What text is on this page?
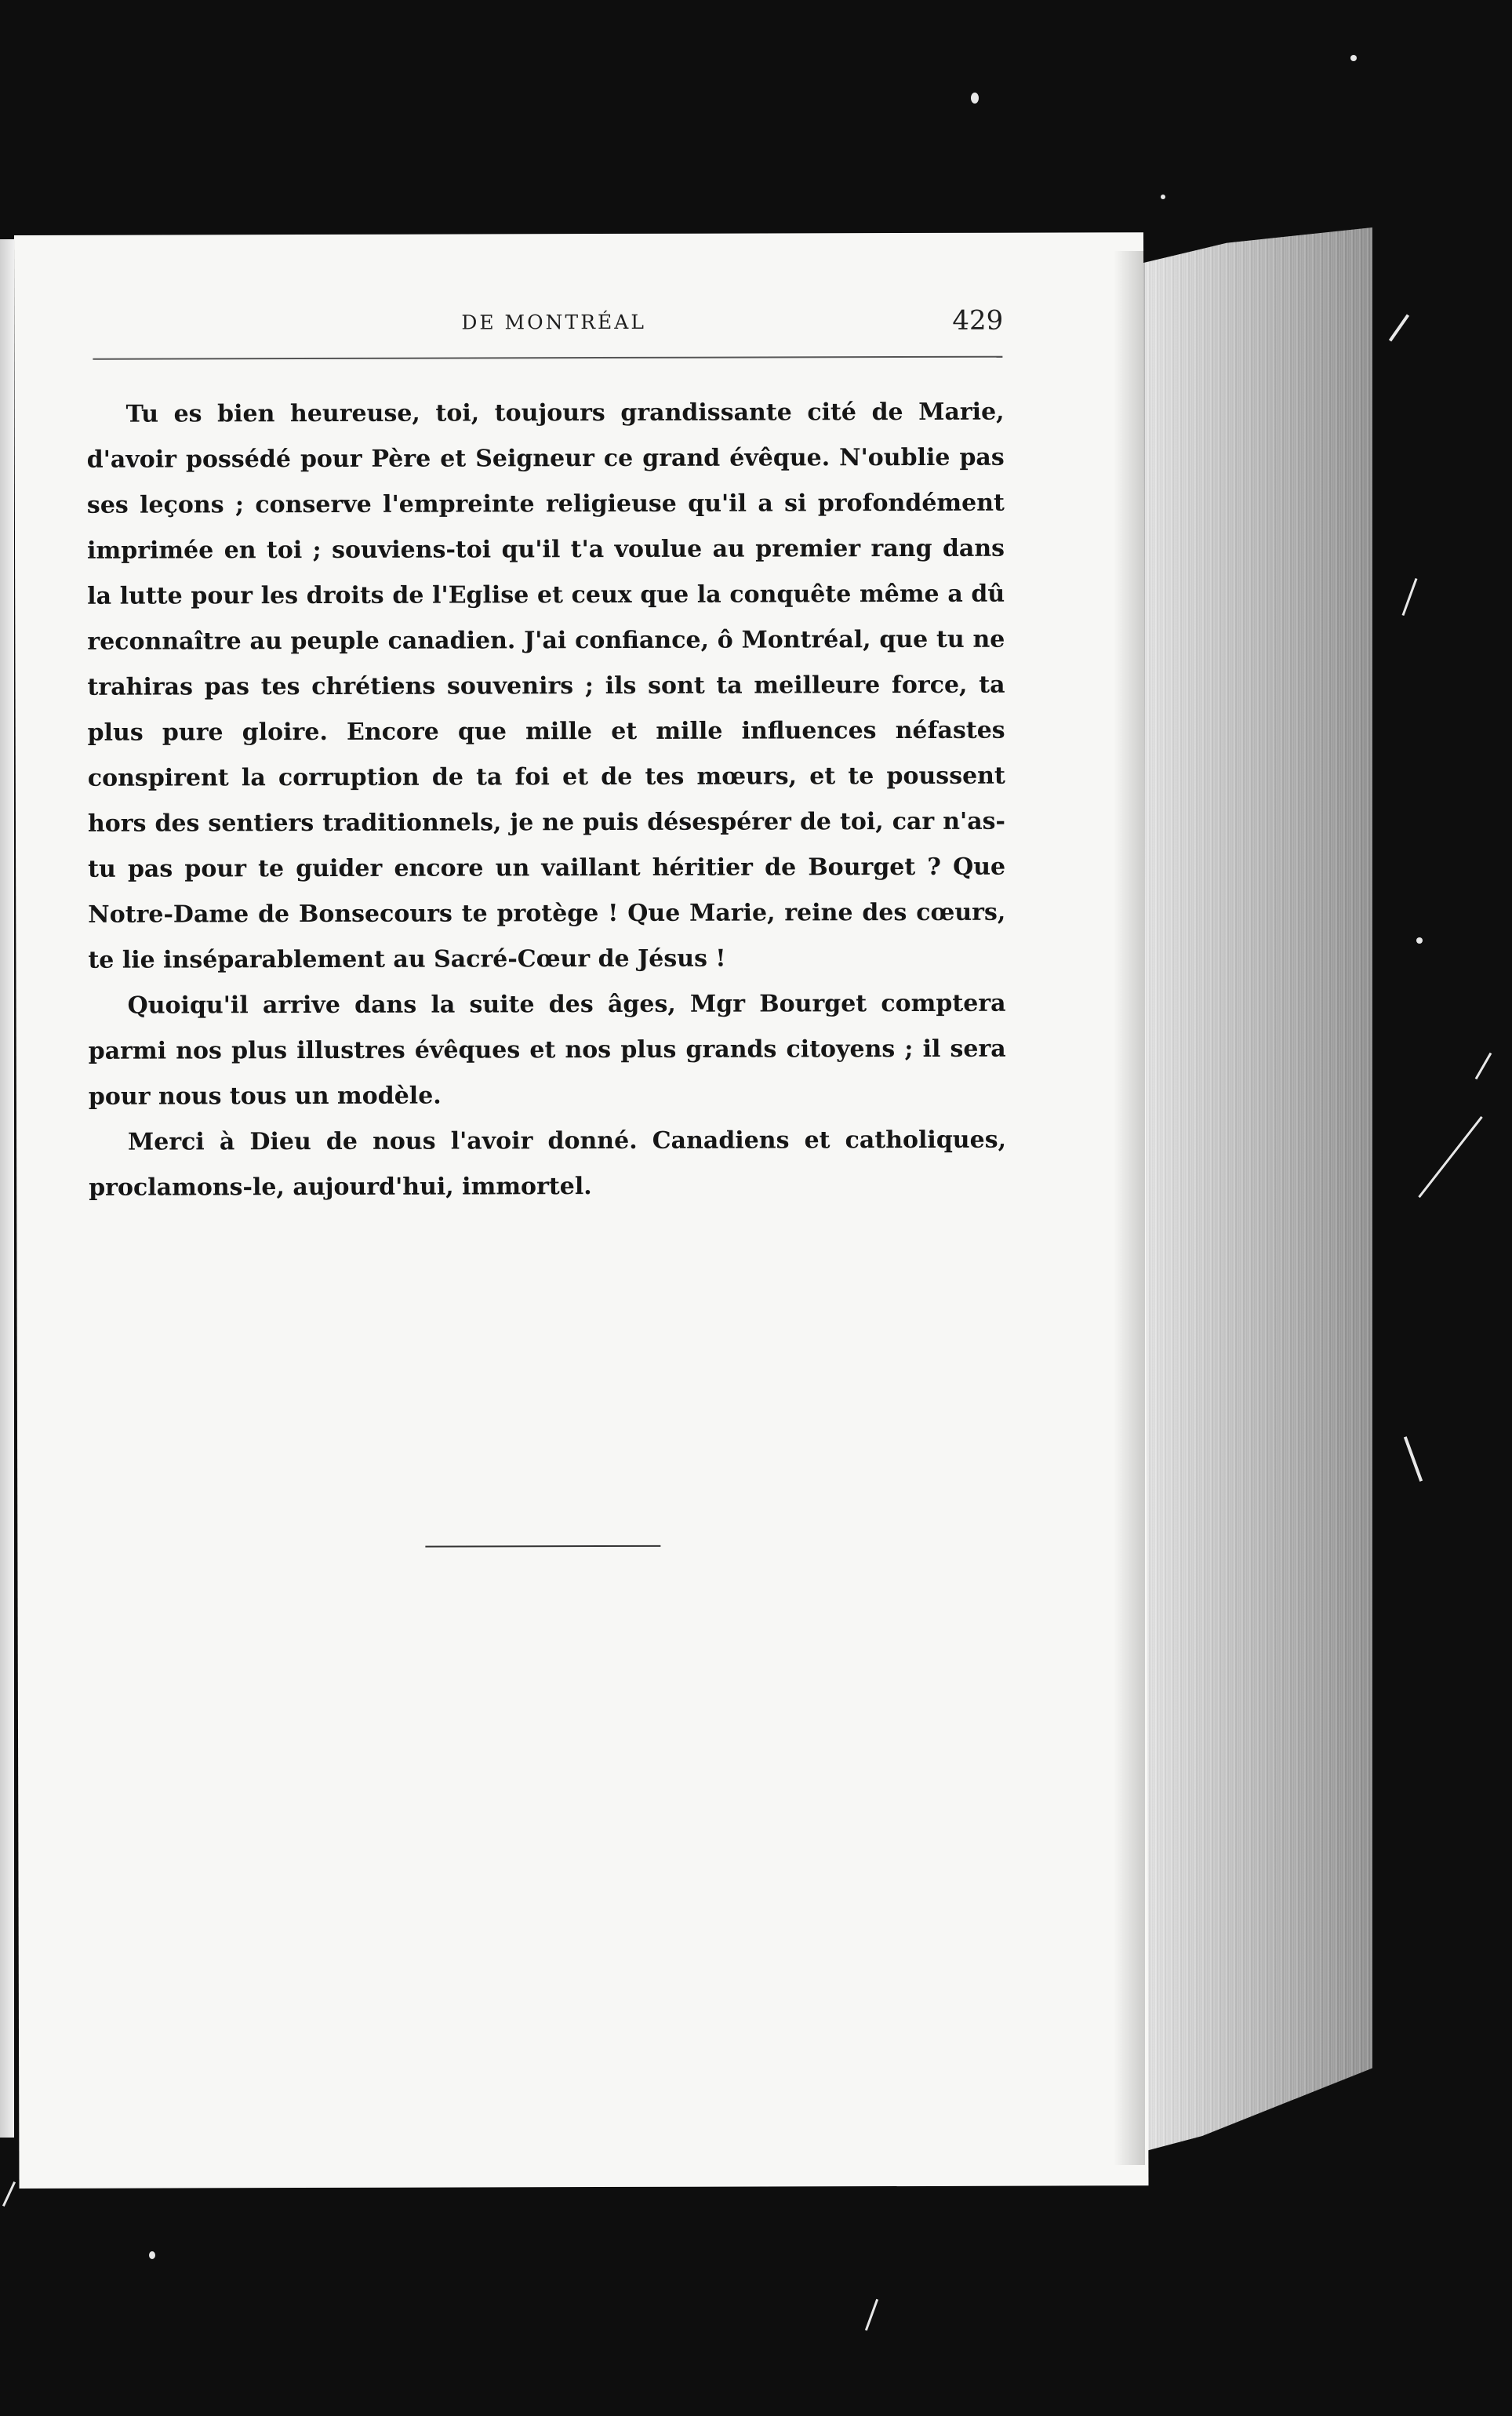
DE MONTRÉAL	429

Tu es bien heureuse, toi, toujours grandissante cité de Marie, d'avoir possédé pour Père et Seigneur ce grand évêque. N'oublie pas ses leçons ; conserve l'empreinte religieuse qu'il a si profondément imprimée en toi ; souviens-toi qu'il t'a voulue au premier rang dans la lutte pour les droits de l'Eglise et ceux que la conquête même a dû reconnaître au peuple canadien. J'ai confiance, ô Montréal, que tu ne trahiras pas tes chrétiens souvenirs ; ils sont ta meilleure force, ta plus pure gloire. Encore que mille et mille influences néfastes conspirent la corruption de ta foi et de tes mœurs, et te poussent hors des sentiers traditionnels, je ne puis désespérer de toi, car n'as-tu pas pour te guider encore un vaillant héritier de Bourget ? Que Notre-Dame de Bonsecours te protège ! Que Marie, reine des cœurs, te lie inséparablement au Sacré-Cœur de Jésus !

Quoiqu'il arrive dans la suite des âges, Mgr Bourget comptera parmi nos plus illustres évêques et nos plus grands citoyens ; il sera pour nous tous un modèle.

Merci à Dieu de nous l'avoir donné. Canadiens et catholiques, proclamons-le, aujourd'hui, immortel.
